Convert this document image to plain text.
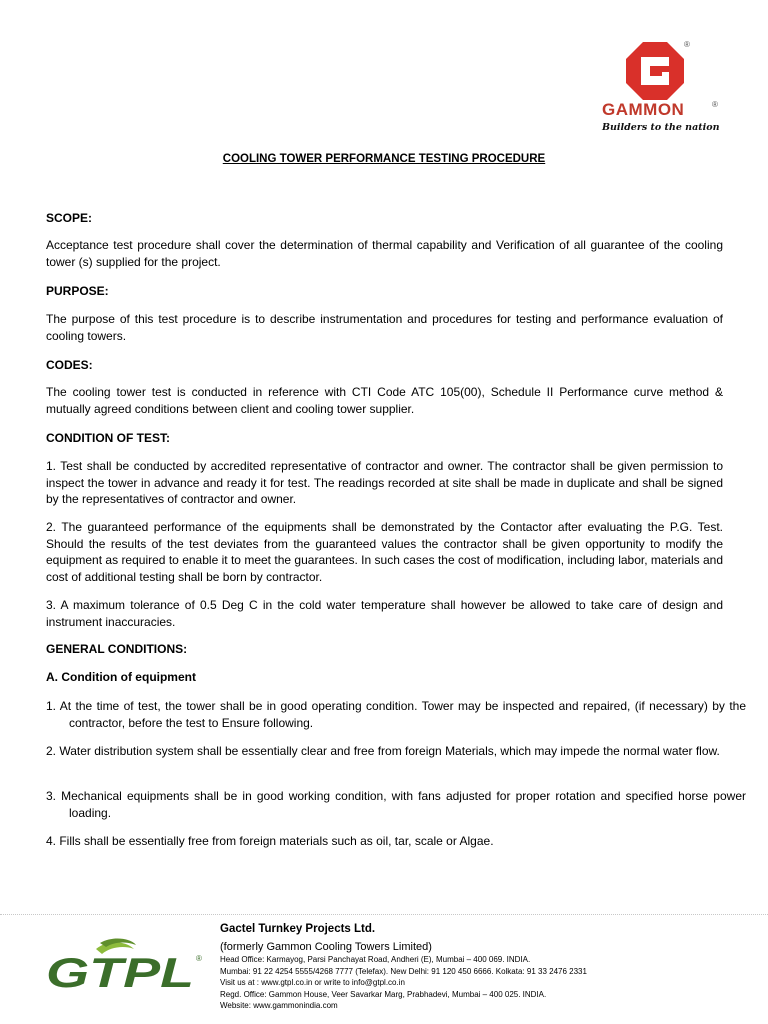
®
GAMMON	®
Builders to the nation
COOLING TOWER PERFORMANCE TESTING PROCEDURE
SCOPE:
Acceptance test procedure shall cover the determination of thermal capability and Verification of all guarantee of the cooling tower (s) supplied for the project.
PURPOSE:
The purpose of this test procedure is to describe instrumentation and procedures for testing and performance evaluation of cooling towers.
CODES:
The cooling tower test is conducted in reference with CTI Code ATC 105(00), Schedule II Performance curve method & mutually agreed conditions between client and cooling tower supplier.
CONDITION OF TEST:
1. Test shall be conducted by accredited representative of contractor and owner. The contractor shall be given permission to inspect the tower in advance and ready it for test. The readings recorded at site shall be made in duplicate and shall be signed by the representatives of contractor and owner.
2. The guaranteed performance of the equipments shall be demonstrated by the Contactor after evaluating the P.G. Test. Should the results of the test deviates from the guaranteed values the contractor shall be given opportunity to modify the equipment as required to enable it to meet the guarantees. In such cases the cost of modification, including labor, materials and cost of additional testing shall be born by contractor.
3. A maximum tolerance of 0.5 Deg C in the cold water temperature shall however be allowed to take care of design and instrument inaccuracies.
GENERAL CONDITIONS:
A. Condition of equipment
1. At the time of test, the tower shall be in good operating condition. Tower may be inspected and repaired, (if necessary) by the contractor, before the test to Ensure following.
2. Water distribution system shall be essentially clear and free from foreign Materials, which may impede the normal water flow.
3. Mechanical equipments shall be in good working condition, with fans adjusted for proper rotation and specified horse power loading.
4. Fills shall be essentially free from foreign materials such as oil, tar, scale or Algae.
GTPL ®
Gactel Turnkey Projects Ltd.
(formerly Gammon Cooling Towers Limited)
Head Office: Karmayog, Parsi Panchayat Road, Andheri (E), Mumbai – 400 069. INDIA.
Mumbai: 91 22 4254 5555/4268 7777 (Telefax). New Delhi: 91 120 450 6666. Kolkata: 91 33 2476 2331
Visit us at : www.gtpl.co.in or write to info@gtpl.co.in
Regd. Office: Gammon House, Veer Savarkar Marg, Prabhadevi, Mumbai – 400 025. INDIA.
Website: www.gammonindia.com
